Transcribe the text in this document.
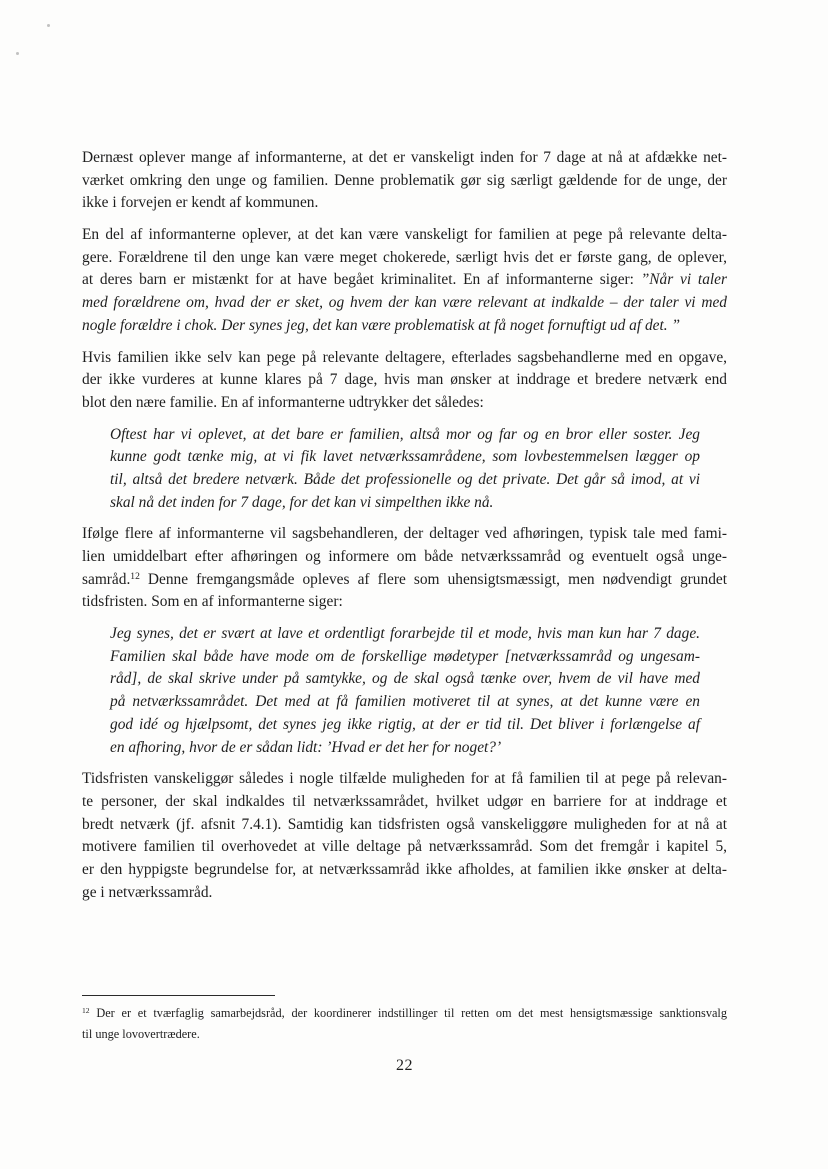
Dernæst oplever mange af informanterne, at det er vanskeligt inden for 7 dage at nå at afdække net-
værket omkring den unge og familien. Denne problematik gør sig særligt gældende for de unge, der
ikke i forvejen er kendt af kommunen.
En del af informanterne oplever, at det kan være vanskeligt for familien at pege på relevante delta-
gere. Forældrene til den unge kan være meget chokerede, særligt hvis det er første gang, de oplever,
at deres barn er mistænkt for at have begået kriminalitet. En af informanterne siger: ”Når vi taler
med forældrene om, hvad der er sket, og hvem der kan være relevant at indkalde – der taler vi med
nogle forældre i chok. Der synes jeg, det kan være problematisk at få noget fornuftigt ud af det. ”
Hvis familien ikke selv kan pege på relevante deltagere, efterlades sagsbehandlerne med en opgave,
der ikke vurderes at kunne klares på 7 dage, hvis man ønsker at inddrage et bredere netværk end
blot den nære familie. En af informanterne udtrykker det således:
Oftest har vi oplevet, at det bare er familien, altså mor og far og en bror eller soster. Jeg
kunne godt tænke mig, at vi fik lavet netværkssamrådene, som lovbestemmelsen lægger op
til, altså det bredere netværk. Både det professionelle og det private. Det går så imod, at vi
skal nå det inden for 7 dage, for det kan vi simpelthen ikke nå.
Ifølge flere af informanterne vil sagsbehandleren, der deltager ved afhøringen, typisk tale med fami-
lien umiddelbart efter afhøringen og informere om både netværkssamråd og eventuelt også unge-
samråd.$^{12}$ Denne fremgangsmåde opleves af flere som uhensigtsmæssigt, men nødvendigt grundet
tidsfristen. Som en af informanterne siger:
Jeg synes, det er svært at lave et ordentligt forarbejde til et mode, hvis man kun har 7 dage.
Familien skal både have mode om de forskellige mødetyper [netværkssamråd og ungesam-
råd], de skal skrive under på samtykke, og de skal også tænke over, hvem de vil have med
på netværkssamrådet. Det med at få familien motiveret til at synes, at det kunne være en
god idé og hjælpsomt, det synes jeg ikke rigtig, at der er tid til. Det bliver i forlængelse af
en afhoring, hvor de er sådan lidt: ’Hvad er det her for noget?’
Tidsfristen vanskeliggør således i nogle tilfælde muligheden for at få familien til at pege på relevan-
te personer, der skal indkaldes til netværkssamrådet, hvilket udgør en barriere for at inddrage et
bredt netværk (jf. afsnit 7.4.1). Samtidig kan tidsfristen også vanskeliggøre muligheden for at nå at
motivere familien til overhovedet at ville deltage på netværkssamråd. Som det fremgår i kapitel 5,
er den hyppigste begrundelse for, at netværkssamråd ikke afholdes, at familien ikke ønsker at delta-
ge i netværkssamråd.
$^{12}$ Der er et tværfaglig samarbejdsråd, der koordinerer indstillinger til retten om det mest hensigtsmæssige sanktionsvalg
til unge lovovertrædere.
22
